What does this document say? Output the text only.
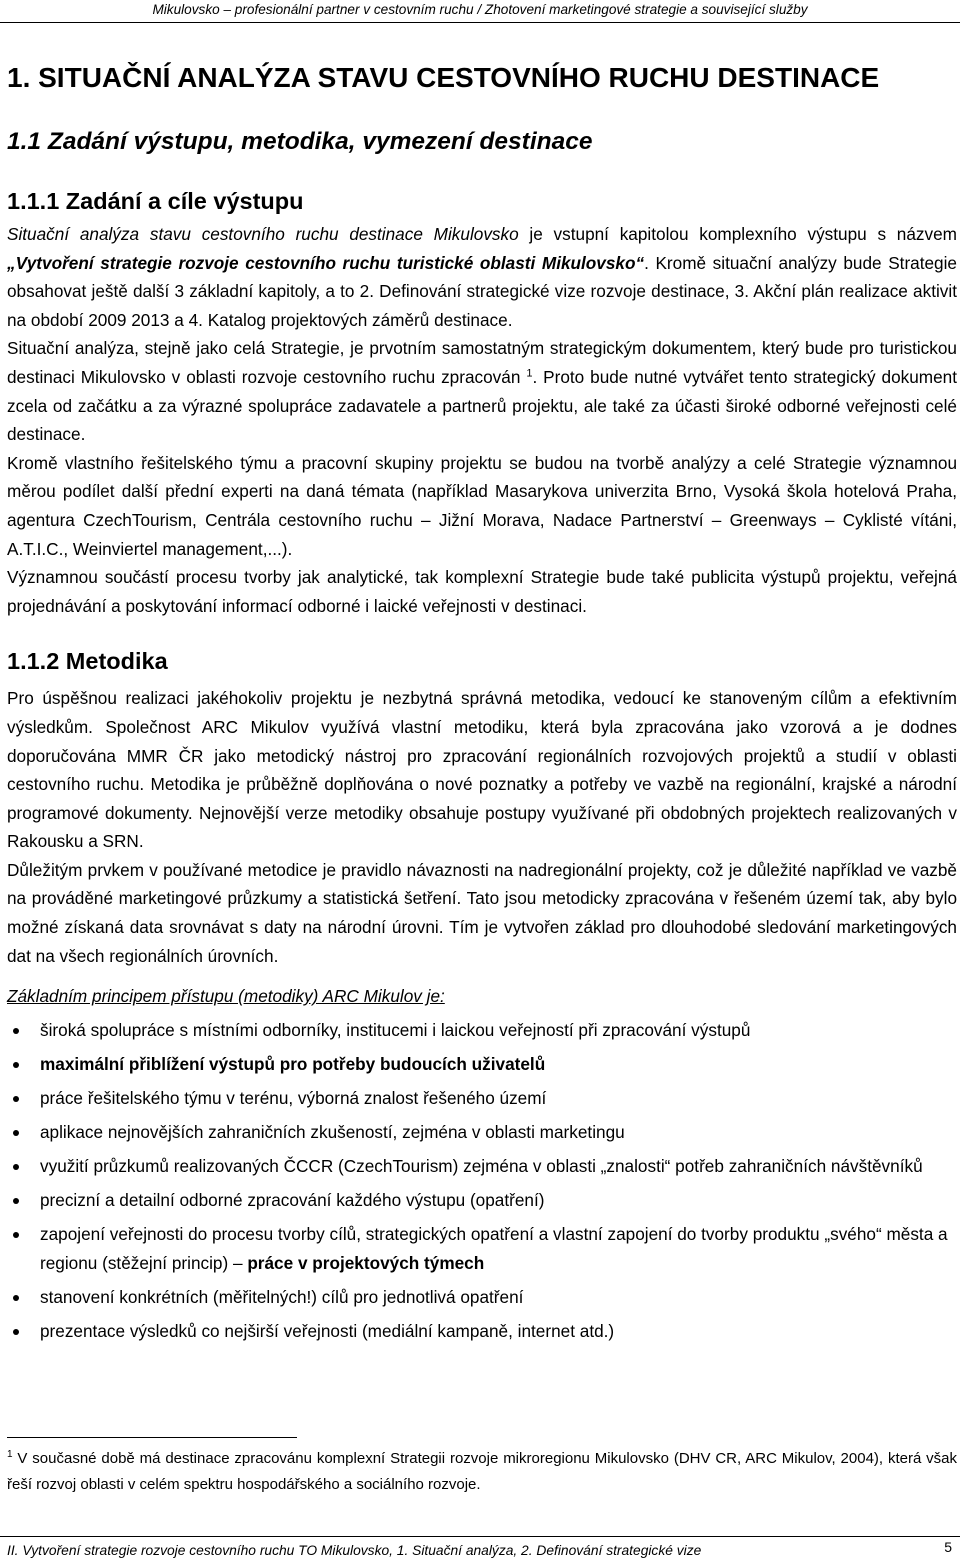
Mikulovsko – profesionální partner v cestovním ruchu / Zhotovení marketingové strategie a související služby
1. SITUAČNÍ ANALÝZA STAVU CESTOVNÍHO RUCHU DESTINACE
1.1 Zadání výstupu, metodika, vymezení destinace
1.1.1 Zadání a cíle výstupu

Situační analýza stavu cestovního ruchu destinace Mikulovsko je vstupní kapitolou komplexního výstupu s názvem „Vytvoření strategie rozvoje cestovního ruchu turistické oblasti Mikulovsko“. Kromě situační analýzy bude Strategie obsahovat ještě další 3 základní kapitoly, a to 2. Definování strategické vize rozvoje destinace, 3. Akční plán realizace aktivit na období 2009 2013 a 4. Katalog projektových záměrů destinace.

Situační analýza, stejně jako celá Strategie, je prvotním samostatným strategickým dokumentem, který bude pro turistickou destinaci Mikulovsko v oblasti rozvoje cestovního ruchu zpracován $^1$. Proto bude nutné vytvářet tento strategický dokument zcela od začátku a za výrazné spolupráce zadavatele a partnerů projektu, ale také za účasti široké odborné veřejnosti celé destinace.

Kromě vlastního řešitelského týmu a pracovní skupiny projektu se budou na tvorbě analýzy a celé Strategie významnou měrou podílet další přední experti na daná témata (například Masarykova univerzita Brno, Vysoká škola hotelová Praha, agentura CzechTourism, Centrála cestovního ruchu – Jižní Morava, Nadace Partnerství – Greenways – Cyklisté vítáni, A.T.I.C., Weinviertel management,...).

Významnou součástí procesu tvorby jak analytické, tak komplexní Strategie bude také publicita výstupů projektu, veřejná projednávání a poskytování informací odborné i laické veřejnosti v destinaci.

1.1.2 Metodika

Pro úspěšnou realizaci jakéhokoliv projektu je nezbytná správná metodika, vedoucí ke stanoveným cílům a efektivním výsledkům. Společnost ARC Mikulov využívá vlastní metodiku, která byla zpracována jako vzorová a je dodnes doporučována MMR ČR jako metodický nástroj pro zpracování regionálních rozvojových projektů a studií v oblasti cestovního ruchu. Metodika je průběžně doplňována o nové poznatky a potřeby ve vazbě na regionální, krajské a národní programové dokumenty. Nejnovější verze metodiky obsahuje postupy využívané při obdobných projektech realizovaných v Rakousku a SRN.

Důležitým prvkem v používané metodice je pravidlo návaznosti na nadregionální projekty, což je důležité například ve vazbě na prováděné marketingové průzkumy a statistická šetření. Tato jsou metodicky zpracována v řešeném území tak, aby bylo možné získaná data srovnávat s daty na národní úrovni. Tím je vytvořen základ pro dlouhodobé sledování marketingových dat na všech regionálních úrovních.

Základním principem přístupu (metodiky) ARC Mikulov je:
široká spolupráce s místními odborníky, institucemi i laickou veřejností při zpracování výstupů
maximální přiblížení výstupů pro potřeby budoucích uživatelů
práce řešitelského týmu v terénu, výborná znalost řešeného území
aplikace nejnovějších zahraničních zkušeností, zejména v oblasti marketingu
využití průzkumů realizovaných ČCCR (CzechTourism) zejména v oblasti „znalosti“ potřeb zahraničních návštěvníků
precizní a detailní odborné zpracování každého výstupu (opatření)
zapojení veřejnosti do procesu tvorby cílů, strategických opatření a vlastní zapojení do tvorby produktu „svého“ města a regionu (stěžejní princip) – práce v projektových týmech
stanovení konkrétních (měřitelných!) cílů pro jednotlivá opatření
prezentace výsledků co nejširší veřejnosti (mediální kampaně, internet atd.)
$^1$ V současné době má destinace zpracovánu komplexní Strategii rozvoje mikroregionu Mikulovsko (DHV CR, ARC Mikulov, 2004), která však řeší rozvoj oblasti v celém spektru hospodářského a sociálního rozvoje.
II. Vytvoření strategie rozvoje cestovního ruchu TO Mikulovsko, 1. Situační analýza, 2. Definování strategické vize	5
